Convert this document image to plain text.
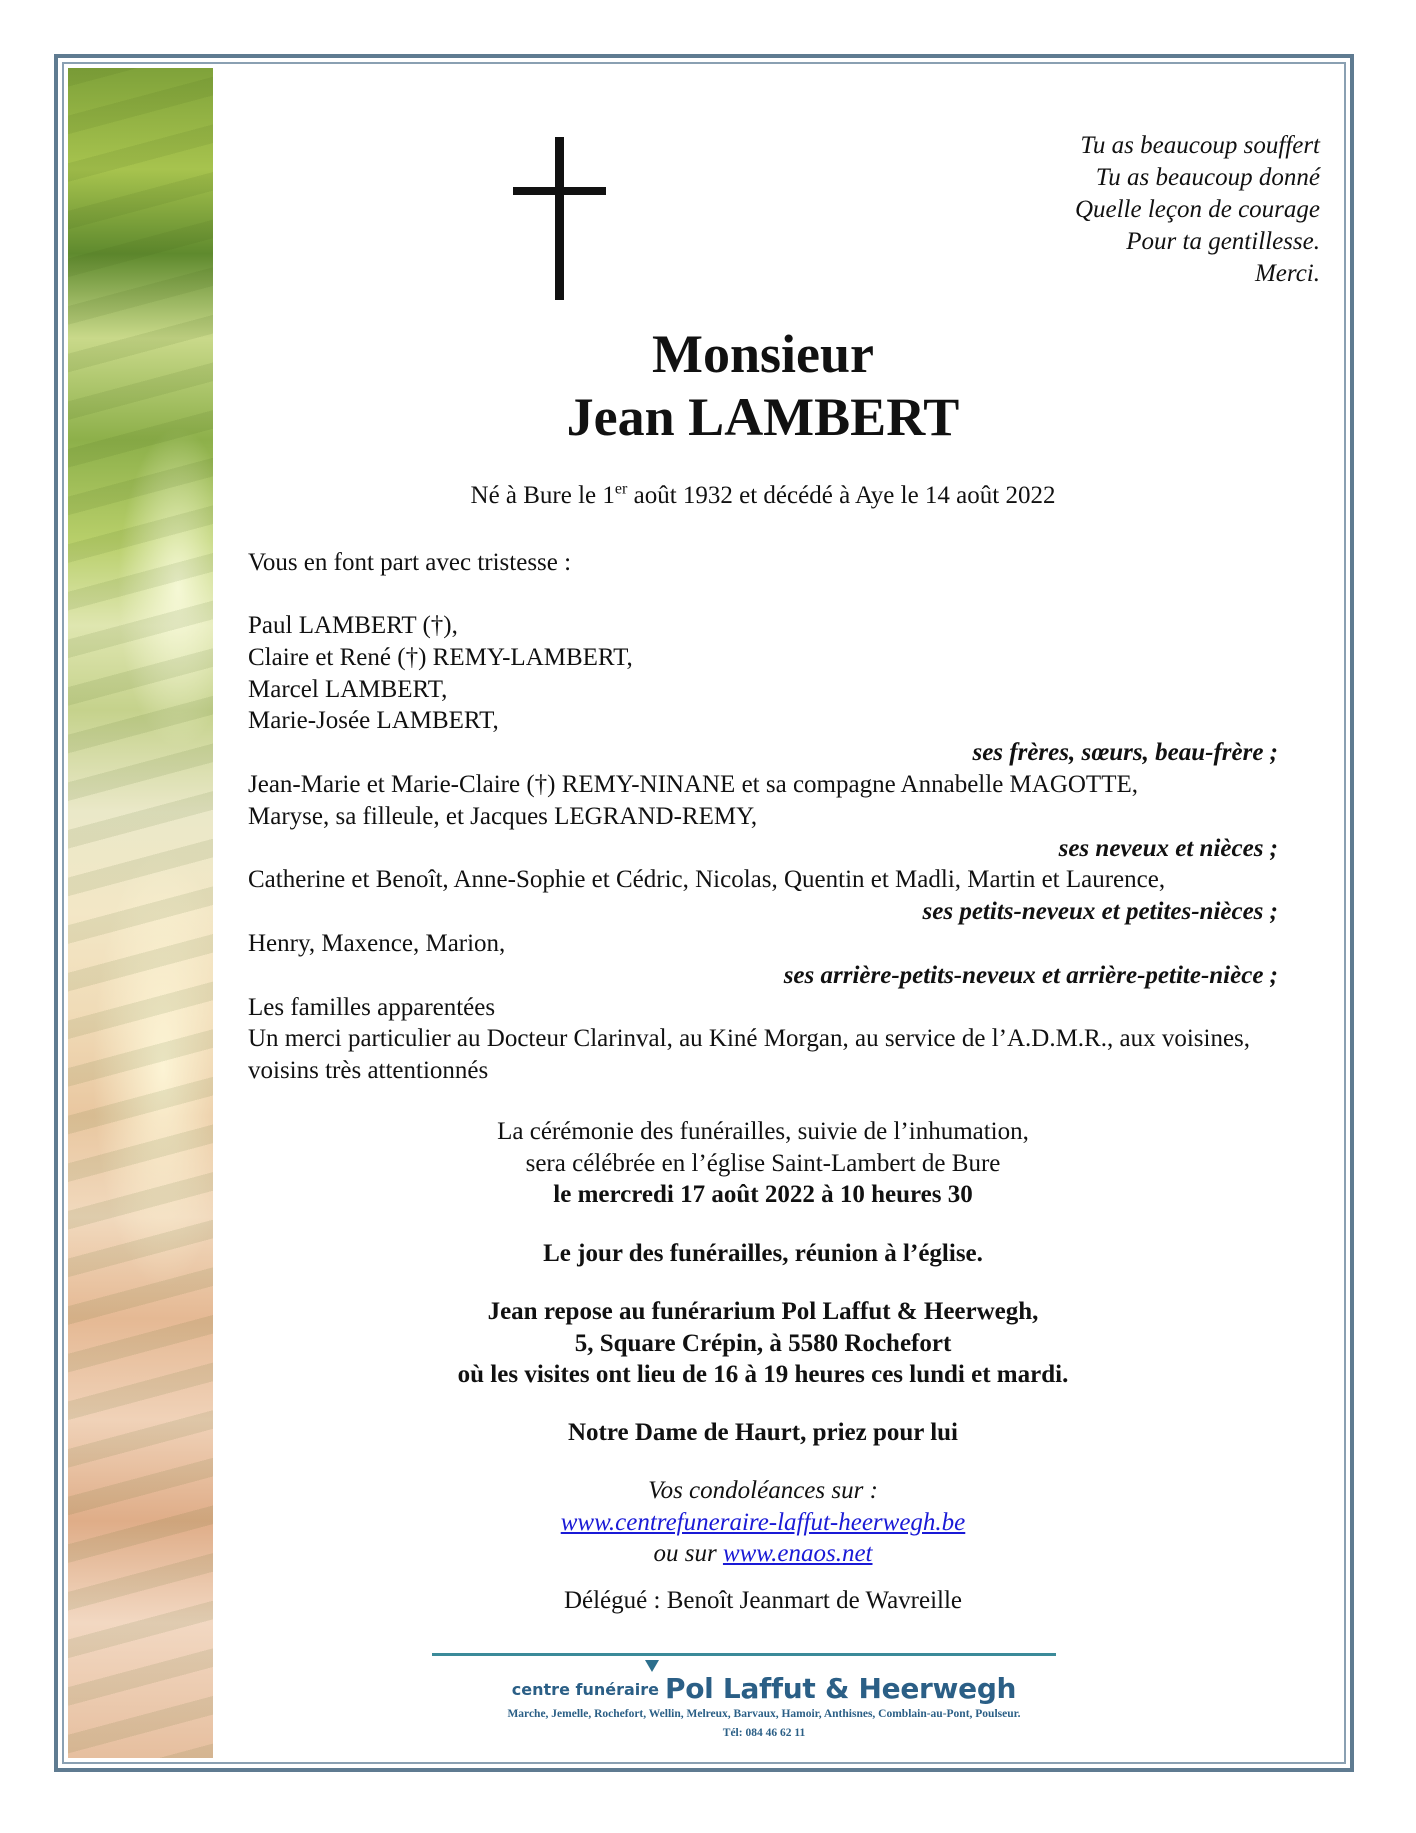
Tu as beaucoup souffert
Tu as beaucoup donné
Quelle leçon de courage
Pour ta gentillesse.
Merci.
Monsieur
Jean LAMBERT
Né à Bure le 1er août 1932 et décédé à Aye le 14 août 2022
Vous en font part avec tristesse :
Paul LAMBERT (†),
Claire et René (†) REMY-LAMBERT,
Marcel LAMBERT,
Marie-Josée LAMBERT,
ses frères, sœurs, beau-frère ;
Jean-Marie et Marie-Claire (†) REMY-NINANE et sa compagne Annabelle MAGOTTE,
Maryse, sa filleule, et Jacques LEGRAND-REMY,
ses neveux et nièces ;
Catherine et Benoît, Anne-Sophie et Cédric, Nicolas, Quentin et Madli, Martin et Laurence,
ses petits-neveux et petites-nièces ;
Henry, Maxence, Marion,
ses arrière-petits-neveux et arrière-petite-nièce ;
Les familles apparentées
Un merci particulier au Docteur Clarinval, au Kiné Morgan, au service de l’A.D.M.R., aux voisines, voisins très attentionnés
La cérémonie des funérailles, suivie de l’inhumation,
sera célébrée en l’église Saint-Lambert de Bure
le mercredi 17 août 2022 à 10 heures 30
Le jour des funérailles, réunion à l’église.
Jean repose au funérarium Pol Laffut & Heerwegh,
5, Square Crépin, à 5580 Rochefort
où les visites ont lieu de 16 à 19 heures ces lundi et mardi.
Notre Dame de Haurt, priez pour lui
Vos condoléances sur :
www.centrefuneraire-laffut-heerwegh.be
ou sur www.enaos.net
Délégué : Benoît Jeanmart de Wavreille
centre funéraire Pol Laffut & Heerwegh
Marche, Jemelle, Rochefort, Wellin, Melreux, Barvaux, Hamoir, Anthisnes, Comblain-au-Pont, Poulseur.
Tél: 084 46 62 11
